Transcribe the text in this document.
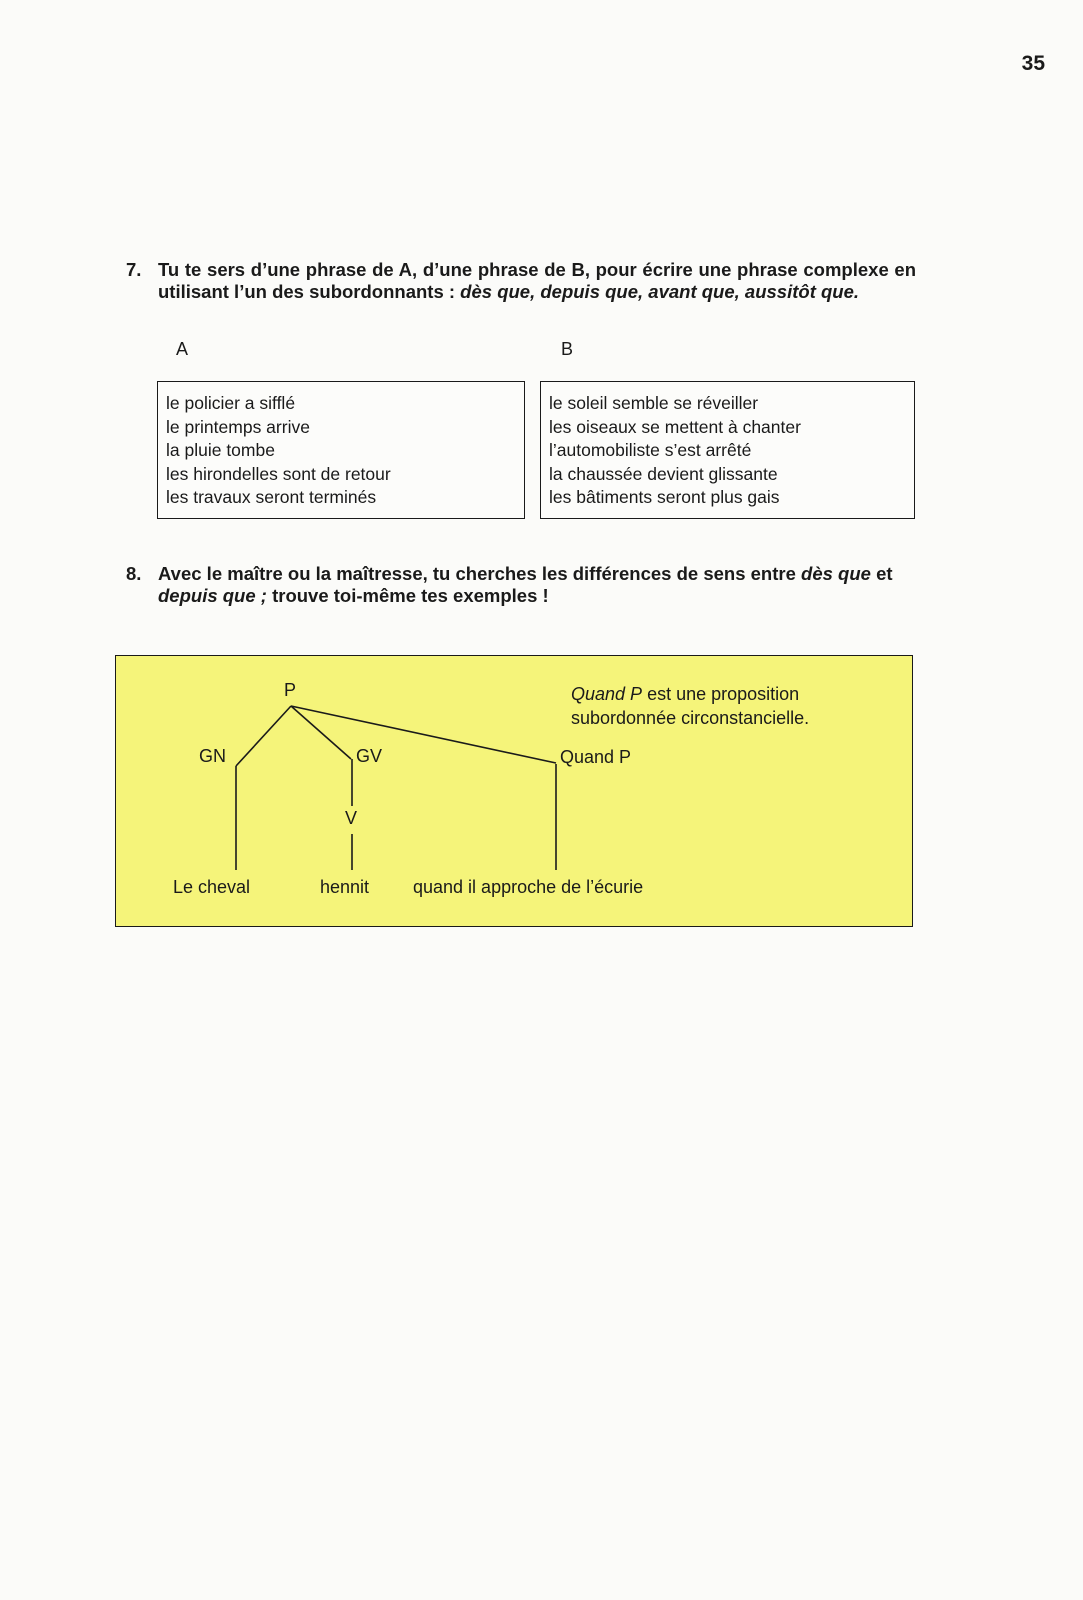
35
7. Tu te sers d’une phrase de A, d’une phrase de B, pour écrire une phrase complexe en utilisant l’un des subordonnants : dès que, depuis que, avant que, aussitôt que.
A	B
le policier a sifflé
le printemps arrive
la pluie tombe
les hirondelles sont de retour
les travaux seront terminés
le soleil semble se réveiller
les oiseaux se mettent à chanter
l’automobiliste s’est arrêté
la chaussée devient glissante
les bâtiments seront plus gais
8. Avec le maître ou la maîtresse, tu cherches les différences de sens entre dès que et depuis que ; trouve toi-même tes exemples !
P
GN	GV
V
Quand P
Le cheval	hennit quand il approche de l’écurie
Quand P est une proposition
subordonnée circonstancielle.
